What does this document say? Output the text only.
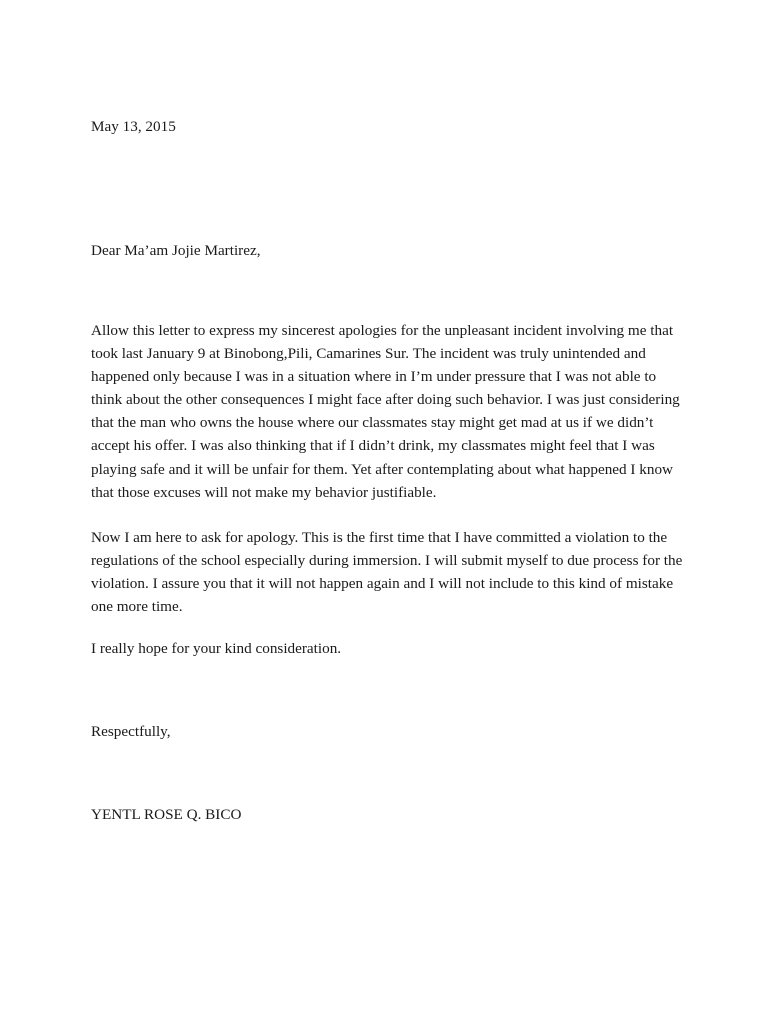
May 13, 2015
Dear Ma’am Jojie Martirez,
Allow this letter to express my sincerest apologies for the unpleasant incident involving me that
took last January 9 at Binobong,Pili, Camarines Sur. The incident was truly unintended and
happened only because I was in a situation where in I’m under pressure that I was not able to
think about the other consequences I might face after doing such behavior. I was just considering
that the man who owns the house where our classmates stay might get mad at us if we didn’t
accept his offer. I was also thinking that if I didn’t drink, my classmates might feel that I was
playing safe and it will be unfair for them. Yet after contemplating about what happened I know
that those excuses will not make my behavior justifiable.
Now I am here to ask for apology. This is the first time that I have committed a violation to the
regulations of the school especially during immersion. I will submit myself to due process for the
violation. I assure you that it will not happen again and I will not include to this kind of mistake
one more time.
I really hope for your kind consideration.
Respectfully,
YENTL ROSE Q. BICO
